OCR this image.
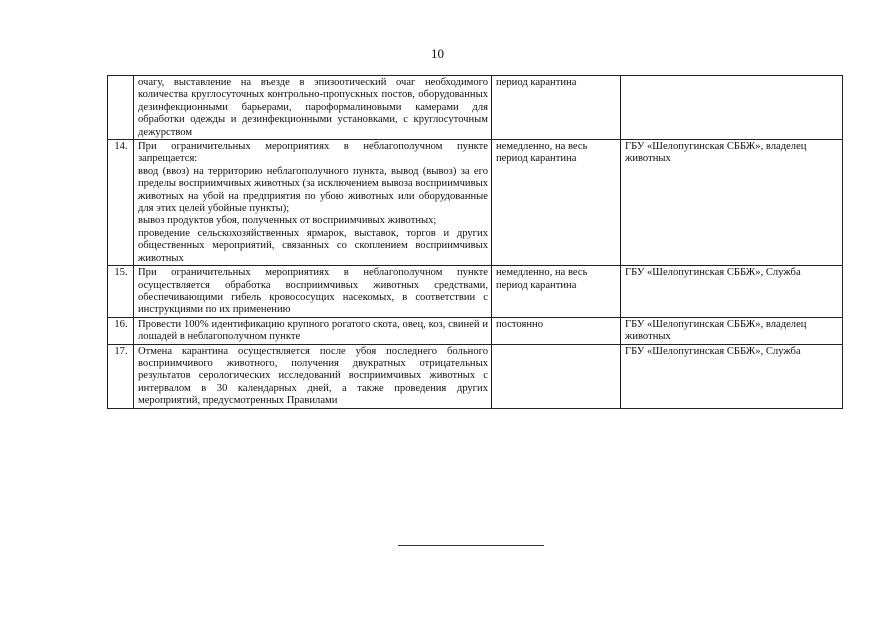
10
	очагу, выставление на въезде в эпизоотический очаг необходимого количества круглосуточных контрольно-пропускных постов, оборудованных дезинфекционными барьерами, пароформалиновыми камерами для обработки одежды и дезинфекционными установками, с круглосуточным дежурством	период карантина	
14.	При ограничительных мероприятиях в неблагополучном пункте запрещается:
ввод (ввоз) на территорию неблагополучного пункта, вывод (вывоз) за его пределы восприимчивых животных (за исключением вывоза восприимчивых животных на убой на предприятия по убою животных или оборудованные для этих целей убойные пункты);
вывоз продуктов убоя, полученных от восприимчивых животных;
проведение сельскохозяйственных ярмарок, выставок, торгов и других общественных мероприятий, связанных со скоплением восприимчивых животных	немедленно, на весь период карантина	ГБУ «Шелопугинская СББЖ», владелец животных
15.	При ограничительных мероприятиях в неблагополучном пункте осуществляется обработка восприимчивых животных средствами, обеспечивающими гибель кровососущих насекомых, в соответствии с инструкциями по их применению	немедленно, на весь период карантина	ГБУ «Шелопугинская СББЖ», Служба
16.	Провести 100% идентификацию крупного рогатого скота, овец, коз, свиней и лошадей в неблагополучном пункте	постоянно	ГБУ «Шелопугинская СББЖ», владелец животных
17.	Отмена карантина осуществляется после убоя последнего больного восприимчивого животного, получения двукратных отрицательных результатов серологических исследований восприимчивых животных с интервалом в 30 календарных дней, а также проведения других мероприятий, предусмотренных Правилами		ГБУ «Шелопугинская СББЖ», Служба
